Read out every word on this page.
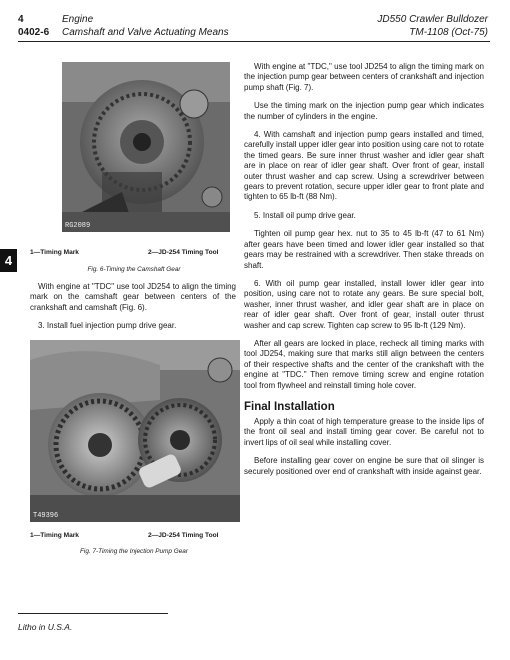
4
0402-6
Engine
Camshaft and Valve Actuating Means
JD550 Crawler Bulldozer
TM-1108 (Oct-75)
4
RG2089
1—Timing Mark	2—JD-254 Timing Tool
Fig. 6-Timing the Camshaft Gear

With engine at "TDC" use tool JD254 to align the timing mark on the camshaft gear between centers of the crankshaft and camshaft (Fig. 6).

3. Install fuel injection pump drive gear.

T49396
1—Timing Mark	2—JD-254 Timing Tool
Fig. 7-Timing the Injection Pump Gear

With engine at "TDC," use tool JD254 to align the timing mark on the injection pump gear between centers of crankshaft and injection pump shaft (Fig. 7).

Use the timing mark on the injection pump gear which indicates the number of cylinders in the engine.

4. With camshaft and injection pump gears installed and timed, carefully install upper idler gear into position using care not to rotate the timed gears. Be sure inner thrust washer and idler gear shaft are in place on rear of idler gear shaft. Over front of gear, install outer thrust washer and cap screw. Using a screwdriver between gears to prevent rotation, secure upper idler gear to front plate and tighten to 65 lb-ft (88 Nm).

5. Install oil pump drive gear.

Tighten oil pump gear hex. nut to 35 to 45 lb-ft (47 to 61 Nm) after gears have been timed and lower idler gear installed so that gears may be restrained with a screwdriver. Then stake threads on shaft.

6. With oil pump gear installed, install lower idler gear into position, using care not to rotate any gears. Be sure special bolt, washer, inner thrust washer, and idler gear shaft are in place on rear of idler gear shaft. Over front of gear, install outer thrust washer and cap screw. Tighten cap screw to 95 lb-ft (129 Nm).

After all gears are locked in place, recheck all timing marks with tool JD254, making sure that marks still align between the centers of their respective shafts and the center of the crankshaft with the engine at "TDC." Then remove timing screw and engine rotation tool from flywheel and reinstall timing hole cover.

Final Installation

Apply a thin coat of high temperature grease to the inside lips of the front oil seal and install timing gear cover. Be careful not to invert lips of oil seal while installing cover.

Before installing gear cover on engine be sure that oil slinger is securely positioned over end of crankshaft with inside against gear.

Litho in U.S.A.
